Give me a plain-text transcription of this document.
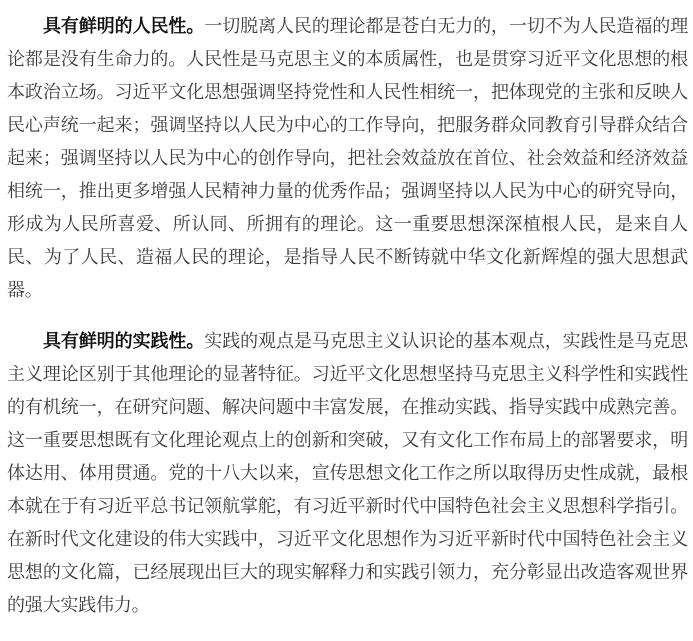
具有鲜明的人民性。一切脱离人民的理论都是苍白无力的，一切不为人民造福的理论都是没有生命力的。人民性是马克思主义的本质属性，也是贯穿习近平文化思想的根本政治立场。习近平文化思想强调坚持党性和人民性相统一，把体现党的主张和反映人民心声统一起来；强调坚持以人民为中心的工作导向，把服务群众同教育引导群众结合起来；强调坚持以人民为中心的创作导向，把社会效益放在首位、社会效益和经济效益相统一，推出更多增强人民精神力量的优秀作品；强调坚持以人民为中心的研究导向，形成为人民所喜爱、所认同、所拥有的理论。这一重要思想深深植根人民，是来自人民、为了人民、造福人民的理论，是指导人民不断铸就中华文化新辉煌的强大思想武器。

具有鲜明的实践性。实践的观点是马克思主义认识论的基本观点，实践性是马克思主义理论区别于其他理论的显著特征。习近平文化思想坚持马克思主义科学性和实践性的有机统一，在研究问题、解决问题中丰富发展，在推动实践、指导实践中成熟完善。这一重要思想既有文化理论观点上的创新和突破，又有文化工作布局上的部署要求，明体达用、体用贯通。党的十八大以来，宣传思想文化工作之所以取得历史性成就，最根本就在于有习近平总书记领航掌舵，有习近平新时代中国特色社会主义思想科学指引。在新时代文化建设的伟大实践中，习近平文化思想作为习近平新时代中国特色社会主义思想的文化篇，已经展现出巨大的现实解释力和实践引领力，充分彰显出改造客观世界的强大实践伟力。
